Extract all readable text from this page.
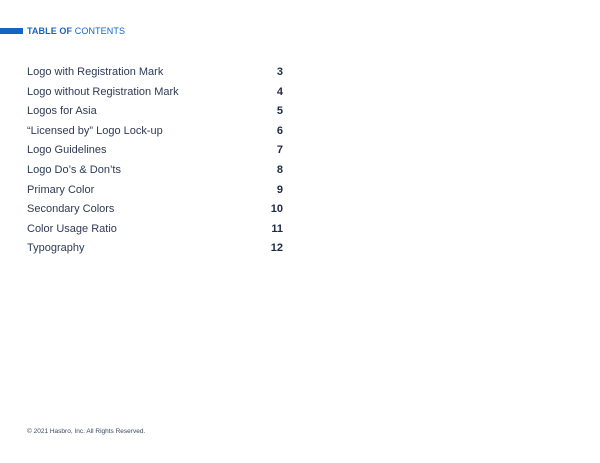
TABLE OF CONTENTS
Logo with Registration Mark	3
Logo without Registration Mark	4
Logos for Asia	5
“Licensed by” Logo Lock-up	6
Logo Guidelines	7
Logo Do’s & Don’ts	8
Primary Color	9
Secondary Colors	10
Color Usage Ratio	11
Typography	12
© 2021 Hasbro, Inc. All Rights Reserved.
